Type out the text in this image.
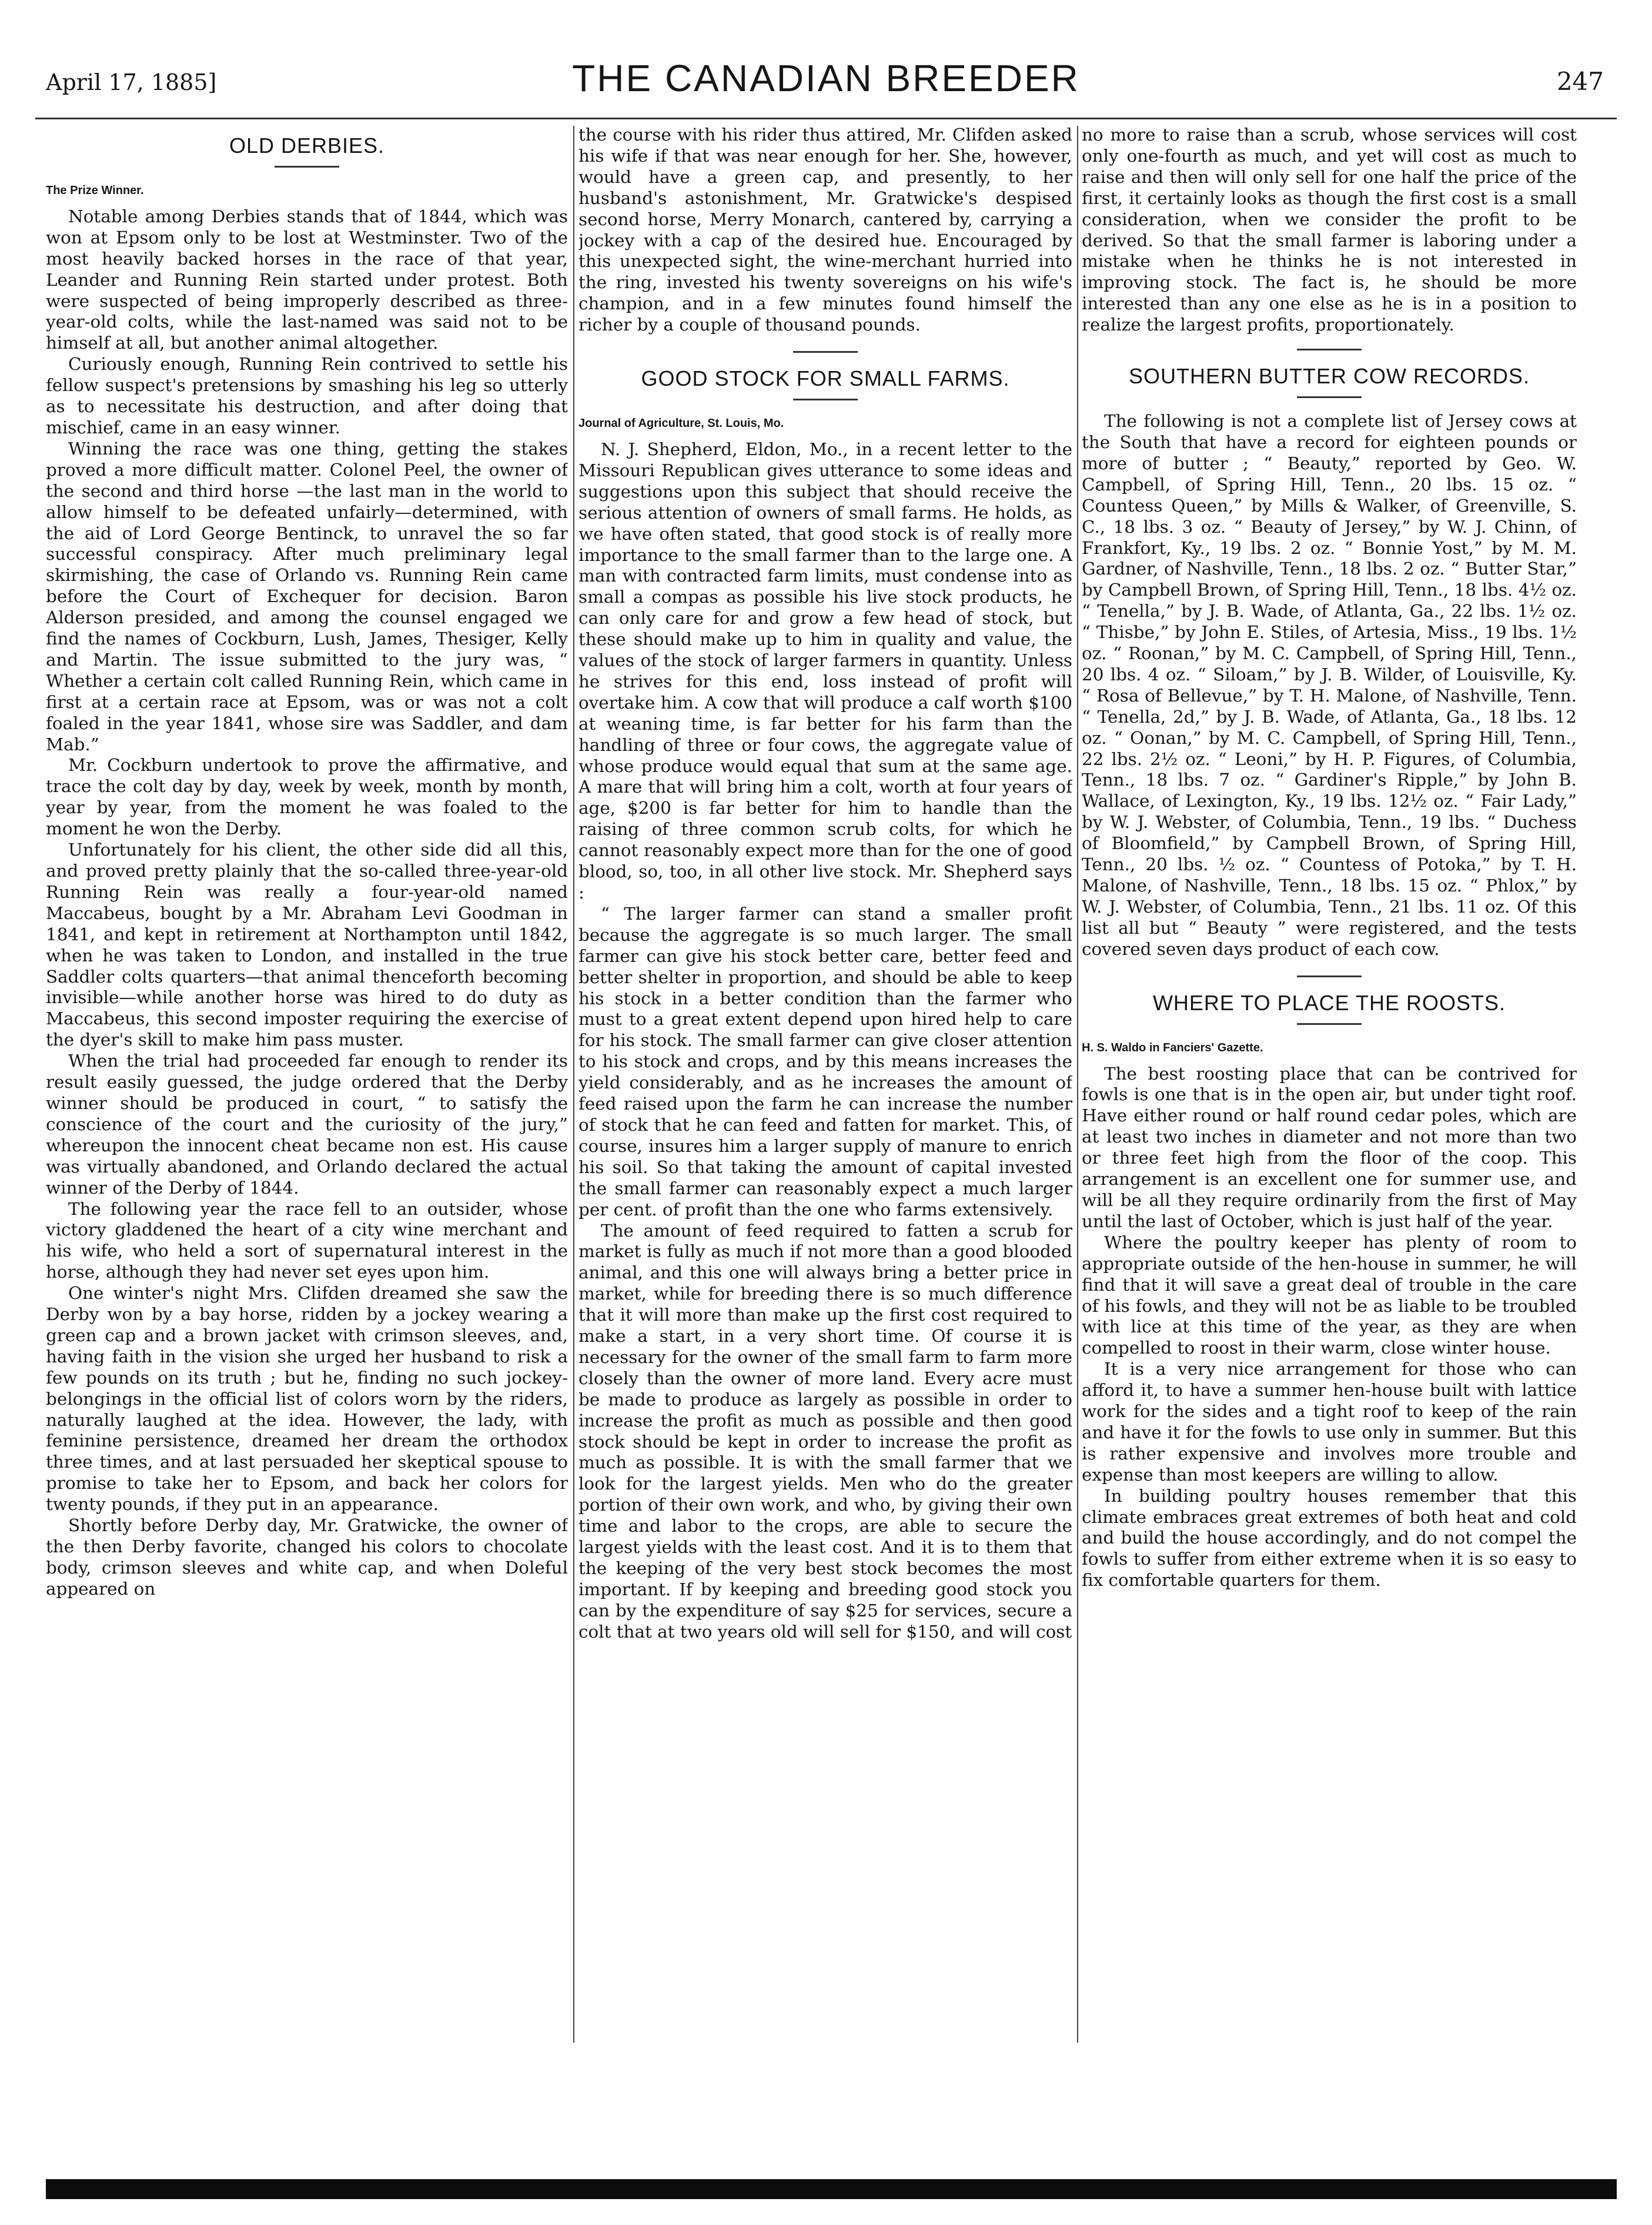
April 17, 1885]	THE CANADIAN BREEDER	247
OLD DERBIES.
The Prize Winner.

Notable among Derbies stands that of 1844, which was won at Epsom only to be lost at Westminster. Two of the most heavily backed horses in the race of that year, Leander and Running Rein started under protest. Both were suspected of being improperly described as three-year-old colts, while the last-named was said not to be himself at all, but another animal altogether.

Curiously enough, Running Rein contrived to settle his fellow suspect's pretensions by smashing his leg so utterly as to necessitate his destruction, and after doing that mischief, came in an easy winner.

Winning the race was one thing, getting the stakes proved a more difficult matter. Colonel Peel, the owner of the second and third horse —the last man in the world to allow himself to be defeated unfairly—determined, with the aid of Lord George Bentinck, to unravel the so far successful conspiracy. After much preliminary legal skirmishing, the case of Orlando vs. Running Rein came before the Court of Exchequer for decision. Baron Alderson presided, and among the counsel engaged we find the names of Cockburn, Lush, James, Thesiger, Kelly and Martin. The issue submitted to the jury was, “ Whether a certain colt called Running Rein, which came in first at a certain race at Epsom, was or was not a colt foaled in the year 1841, whose sire was Saddler, and dam Mab.”

Mr. Cockburn undertook to prove the affirmative, and trace the colt day by day, week by week, month by month, year by year, from the moment he was foaled to the moment he won the Derby.

Unfortunately for his client, the other side did all this, and proved pretty plainly that the so-called three-year-old Running Rein was really a four-year-old named Maccabeus, bought by a Mr. Abraham Levi Goodman in 1841, and kept in retirement at Northampton until 1842, when he was taken to London, and installed in the true Saddler colts quarters—that animal thenceforth becoming invisible—while another horse was hired to do duty as Maccabeus, this second imposter requiring the exercise of the dyer's skill to make him pass muster.

When the trial had proceeded far enough to render its result easily guessed, the judge ordered that the Derby winner should be produced in court, “ to satisfy the conscience of the court and the curiosity of the jury,” whereupon the innocent cheat became non est. His cause was virtually abandoned, and Orlando declared the actual winner of the Derby of 1844.

The following year the race fell to an outsider, whose victory gladdened the heart of a city wine merchant and his wife, who held a sort of supernatural interest in the horse, although they had never set eyes upon him.

One winter's night Mrs. Clifden dreamed she saw the Derby won by a bay horse, ridden by a jockey wearing a green cap and a brown jacket with crimson sleeves, and, having faith in the vision she urged her husband to risk a few pounds on its truth ; but he, finding no such jockey-belongings in the official list of colors worn by the riders, naturally laughed at the idea. However, the lady, with feminine persistence, dreamed her dream the orthodox three times, and at last persuaded her skeptical spouse to promise to take her to Epsom, and back her colors for twenty pounds, if they put in an appearance.

Shortly before Derby day, Mr. Gratwicke, the owner of the then Derby favorite, changed his colors to chocolate body, crimson sleeves and white cap, and when Doleful appeared on

the course with his rider thus attired, Mr. Clifden asked his wife if that was near enough for her. She, however, would have a green cap, and presently, to her husband's astonishment, Mr. Gratwicke's despised second horse, Merry Monarch, cantered by, carrying a jockey with a cap of the desired hue. Encouraged by this unexpected sight, the wine-merchant hurried into the ring, invested his twenty sovereigns on his wife's champion, and in a few minutes found himself the richer by a couple of thousand pounds.

GOOD STOCK FOR SMALL FARMS.
Journal of Agriculture, St. Louis, Mo.

N. J. Shepherd, Eldon, Mo., in a recent letter to the Missouri Republican gives utterance to some ideas and suggestions upon this subject that should receive the serious attention of owners of small farms. He holds, as we have often stated, that good stock is of really more importance to the small farmer than to the large one. A man with contracted farm limits, must condense into as small a compas as possible his live stock products, he can only care for and grow a few head of stock, but these should make up to him in quality and value, the values of the stock of larger farmers in quantity. Unless he strives for this end, loss instead of profit will overtake him. A cow that will produce a calf worth $100 at weaning time, is far better for his farm than the handling of three or four cows, the aggregate value of whose produce would equal that sum at the same age. A mare that will bring him a colt, worth at four years of age, $200 is far better for him to handle than the raising of three common scrub colts, for which he cannot reasonably expect more than for the one of good blood, so, too, in all other live stock. Mr. Shepherd says :

“ The larger farmer can stand a smaller profit because the aggregate is so much larger. The small farmer can give his stock better care, better feed and better shelter in proportion, and should be able to keep his stock in a better condition than the farmer who must to a great extent depend upon hired help to care for his stock. The small farmer can give closer attention to his stock and crops, and by this means increases the yield considerably, and as he increases the amount of feed raised upon the farm he can increase the number of stock that he can feed and fatten for market. This, of course, insures him a larger supply of manure to enrich his soil. So that taking the amount of capital invested the small farmer can reasonably expect a much larger per cent. of profit than the one who farms extensively.

The amount of feed required to fatten a scrub for market is fully as much if not more than a good blooded animal, and this one will always bring a better price in market, while for breeding there is so much difference that it will more than make up the first cost required to make a start, in a very short time. Of course it is necessary for the owner of the small farm to farm more closely than the owner of more land. Every acre must be made to produce as largely as possible in order to increase the profit as much as possible and then good stock should be kept in order to increase the profit as much as possible. It is with the small farmer that we look for the largest yields. Men who do the greater portion of their own work, and who, by giving their own time and labor to the crops, are able to secure the largest yields with the least cost. And it is to them that the keeping of the very best stock becomes the most important. If by keeping and breeding good stock you can by the expenditure of say $25 for services, secure a colt that at two years old will sell for $150, and will cost

no more to raise than a scrub, whose services will cost only one-fourth as much, and yet will cost as much to raise and then will only sell for one half the price of the first, it certainly looks as though the first cost is a small consideration, when we consider the profit to be derived. So that the small farmer is laboring under a mistake when he thinks he is not interested in improving stock. The fact is, he should be more interested than any one else as he is in a position to realize the largest profits, proportionately.

SOUTHERN BUTTER COW RECORDS.

The following is not a complete list of Jersey cows at the South that have a record for eighteen pounds or more of butter ; “ Beauty,” reported by Geo. W. Campbell, of Spring Hill, Tenn., 20 lbs. 15 oz. “ Countess Queen,” by Mills & Walker, of Greenville, S. C., 18 lbs. 3 oz. “ Beauty of Jersey,” by W. J. Chinn, of Frankfort, Ky., 19 lbs. 2 oz. “ Bonnie Yost,” by M. M. Gardner, of Nashville, Tenn., 18 lbs. 2 oz. “ Butter Star,” by Campbell Brown, of Spring Hill, Tenn., 18 lbs. 4½ oz. “ Tenella,” by J. B. Wade, of Atlanta, Ga., 22 lbs. 1½ oz. “ Thisbe,” by John E. Stiles, of Artesia, Miss., 19 lbs. 1½ oz. “ Roonan,” by M. C. Campbell, of Spring Hill, Tenn., 20 lbs. 4 oz. “ Siloam,” by J. B. Wilder, of Louisville, Ky. “ Rosa of Bellevue,” by T. H. Malone, of Nashville, Tenn. “ Tenella, 2d,” by J. B. Wade, of Atlanta, Ga., 18 lbs. 12 oz. “ Oonan,” by M. C. Campbell, of Spring Hill, Tenn., 22 lbs. 2½ oz. “ Leoni,” by H. P. Figures, of Columbia, Tenn., 18 lbs. 7 oz. “ Gardiner's Ripple,” by John B. Wallace, of Lexington, Ky., 19 lbs. 12½ oz. “ Fair Lady,” by W. J. Webster, of Columbia, Tenn., 19 lbs. “ Duchess of Bloomfield,” by Campbell Brown, of Spring Hill, Tenn., 20 lbs. ½ oz. “ Countess of Potoka,” by T. H. Malone, of Nashville, Tenn., 18 lbs. 15 oz. “ Phlox,” by W. J. Webster, of Columbia, Tenn., 21 lbs. 11 oz. Of this list all but “ Beauty ” were registered, and the tests covered seven days product of each cow.

WHERE TO PLACE THE ROOSTS.
H. S. Waldo in Fanciers' Gazette.

The best roosting place that can be contrived for fowls is one that is in the open air, but under tight roof. Have either round or half round cedar poles, which are at least two inches in diameter and not more than two or three feet high from the floor of the coop. This arrangement is an excellent one for summer use, and will be all they require ordinarily from the first of May until the last of October, which is just half of the year.

Where the poultry keeper has plenty of room to appropriate outside of the hen-house in summer, he will find that it will save a great deal of trouble in the care of his fowls, and they will not be as liable to be troubled with lice at this time of the year, as they are when compelled to roost in their warm, close winter house.

It is a very nice arrangement for those who can afford it, to have a summer hen-house built with lattice work for the sides and a tight roof to keep of the rain and have it for the fowls to use only in summer. But this is rather expensive and involves more trouble and expense than most keepers are willing to allow.

In building poultry houses remember that this climate embraces great extremes of both heat and cold and build the house accordingly, and do not compel the fowls to suffer from either extreme when it is so easy to fix comfortable quarters for them.
